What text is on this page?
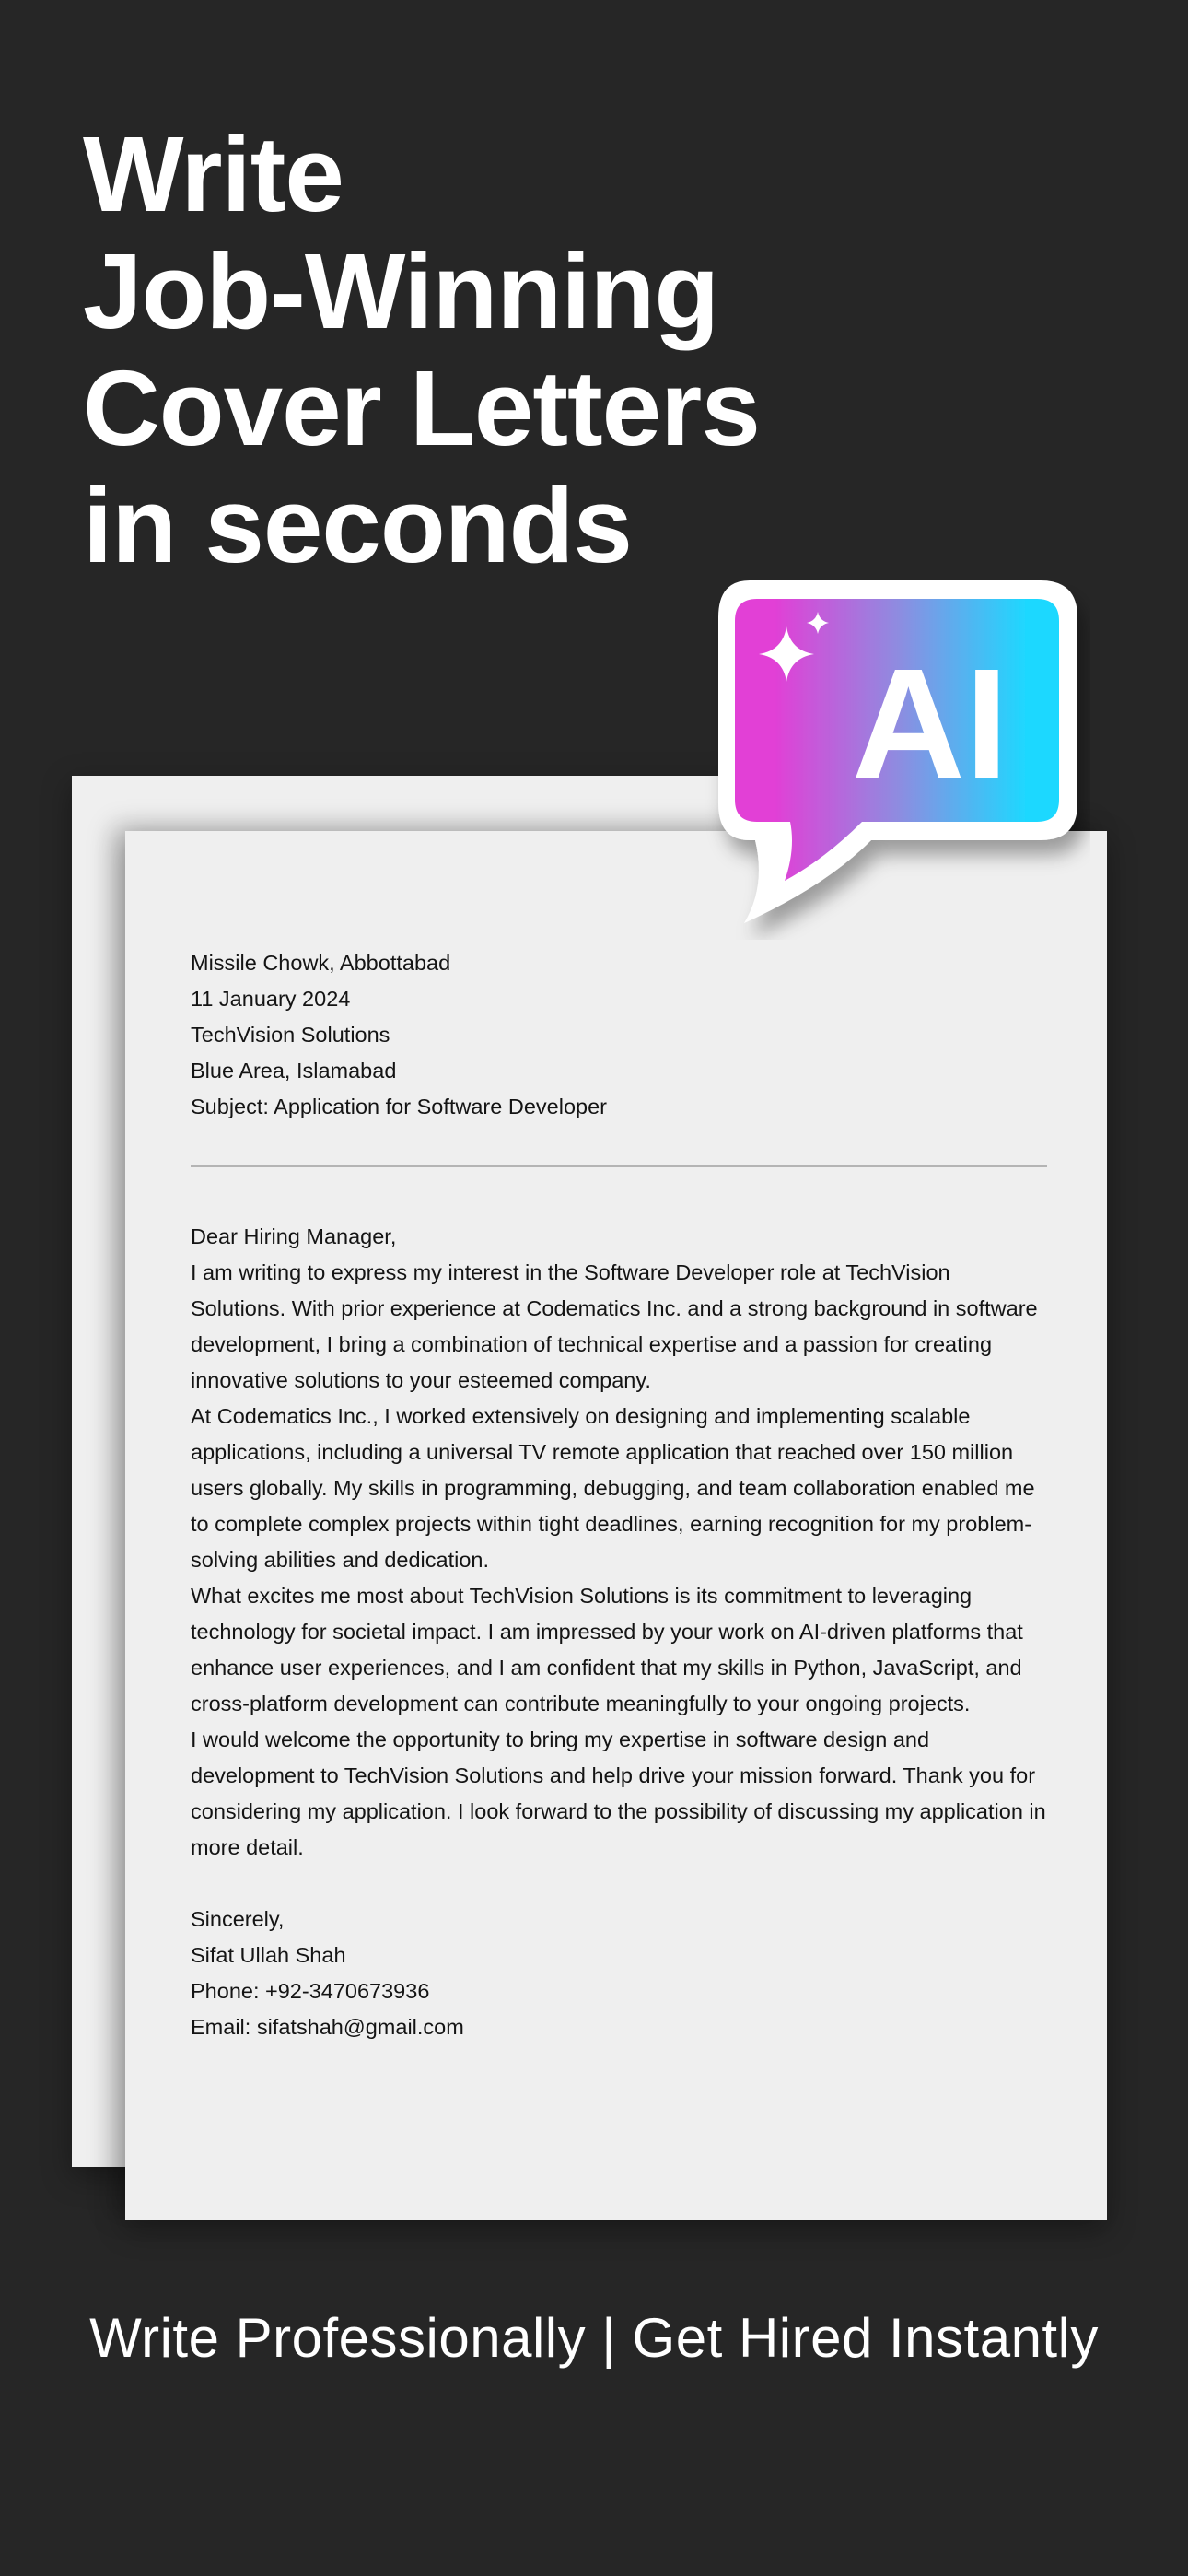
Write
Job-Winning
Cover Letters
in seconds

Missile Chowk, Abbottabad

11 January 2024

TechVision Solutions

Blue Area, Islamabad

Subject: Application for Software Developer

Dear Hiring Manager,

I am writing to express my interest in the Software Developer role at TechVision Solutions. With prior experience at Codematics Inc. and a strong background in software development, I bring a combination of technical expertise and a passion for creating innovative solutions to your esteemed company.

At Codematics Inc., I worked extensively on designing and implementing scalable applications, including a universal TV remote application that reached over 150 million users globally. My skills in programming, debugging, and team collaboration enabled me to complete complex projects within tight deadlines, earning recognition for my problem-solving abilities and dedication.

What excites me most about TechVision Solutions is its commitment to leveraging technology for societal impact. I am impressed by your work on AI-driven platforms that enhance user experiences, and I am confident that my skills in Python, JavaScript, and cross-platform development can contribute meaningfully to your ongoing projects.

I would welcome the opportunity to bring my expertise in software design and development to TechVision Solutions and help drive your mission forward. Thank you for considering my application. I look forward to the possibility of discussing my application in more detail.

Sincerely,

Sifat Ullah Shah

Phone: +92-3470673936

Email: sifatshah@gmail.com

AI

Write Professionally | Get Hired Instantly
